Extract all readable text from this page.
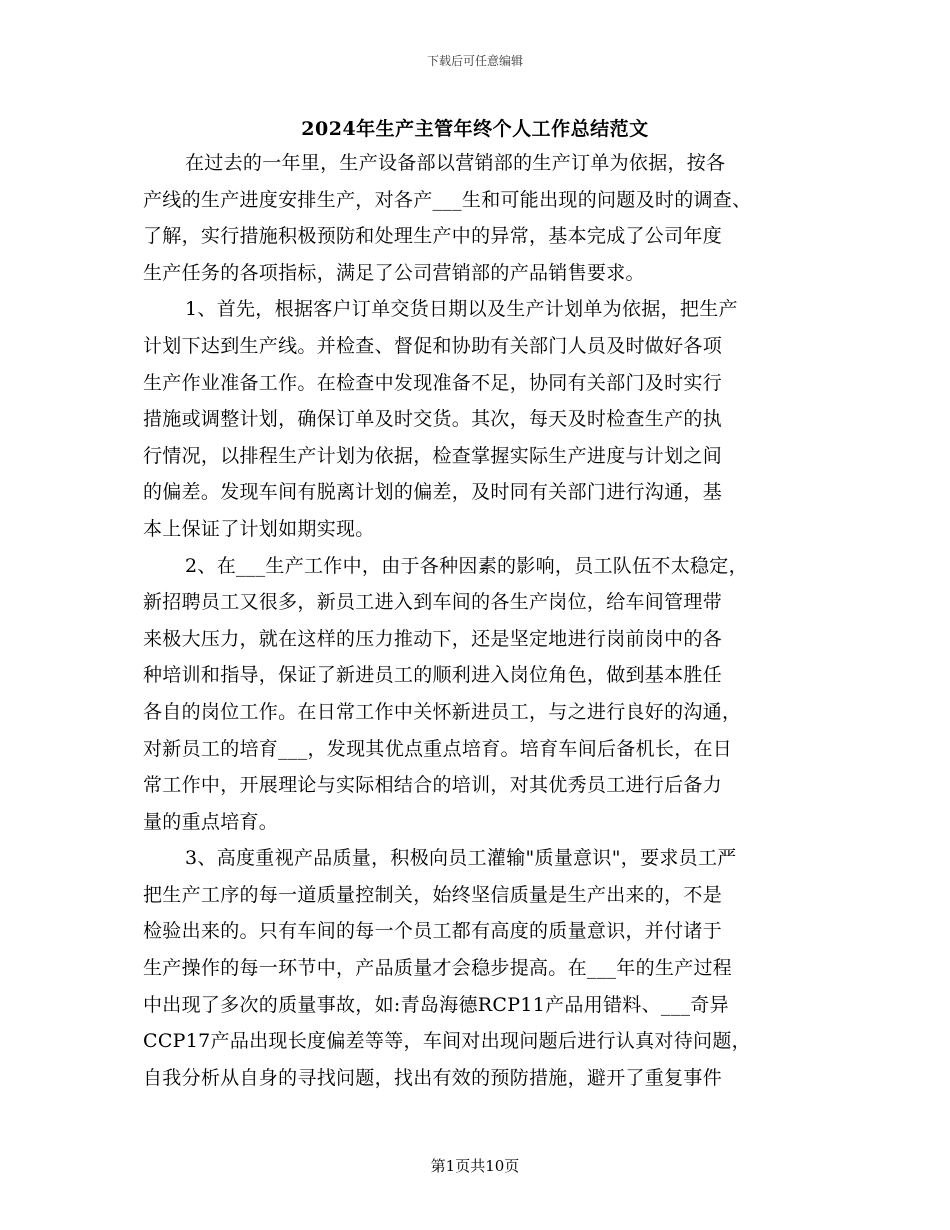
下载后可任意编辑
2024年生产主管年终个人工作总结范文
在过去的一年里，生产设备部以营销部的生产订单为依据，按各
产线的生产进度安排生产，对各产___生和可能出现的问题及时的调查、
了解，实行措施积极预防和处理生产中的异常，基本完成了公司年度
生产任务的各项指标，满足了公司营销部的产品销售要求。
1、首先，根据客户订单交货日期以及生产计划单为依据，把生产
计划下达到生产线。并检查、督促和协助有关部门人员及时做好各项
生产作业准备工作。在检查中发现准备不足，协同有关部门及时实行
措施或调整计划，确保订单及时交货。其次，每天及时检查生产的执
行情况，以排程生产计划为依据，检查掌握实际生产进度与计划之间
的偏差。发现车间有脱离计划的偏差，及时同有关部门进行沟通，基
本上保证了计划如期实现。
2、在___生产工作中，由于各种因素的影响，员工队伍不太稳定，
新招聘员工又很多，新员工进入到车间的各生产岗位，给车间管理带
来极大压力，就在这样的压力推动下，还是坚定地进行岗前岗中的各
种培训和指导，保证了新进员工的顺利进入岗位角色，做到基本胜任
各自的岗位工作。在日常工作中关怀新进员工，与之进行良好的沟通，
对新员工的培育___，发现其优点重点培育。培育车间后备机长，在日
常工作中，开展理论与实际相结合的培训，对其优秀员工进行后备力
量的重点培育。
3、高度重视产品质量，积极向员工灌输"质量意识"，要求员工严
把生产工序的每一道质量控制关，始终坚信质量是生产出来的，不是
检验出来的。只有车间的每一个员工都有高度的质量意识，并付诸于
生产操作的每一环节中，产品质量才会稳步提高。在___年的生产过程
中出现了多次的质量事故，如:青岛海德RCP11产品用错料、___奇异
CCP17产品出现长度偏差等等，车间对出现问题后进行认真对待问题，
自我分析从自身的寻找问题，找出有效的预防措施，避开了重复事件
第1页共10页
